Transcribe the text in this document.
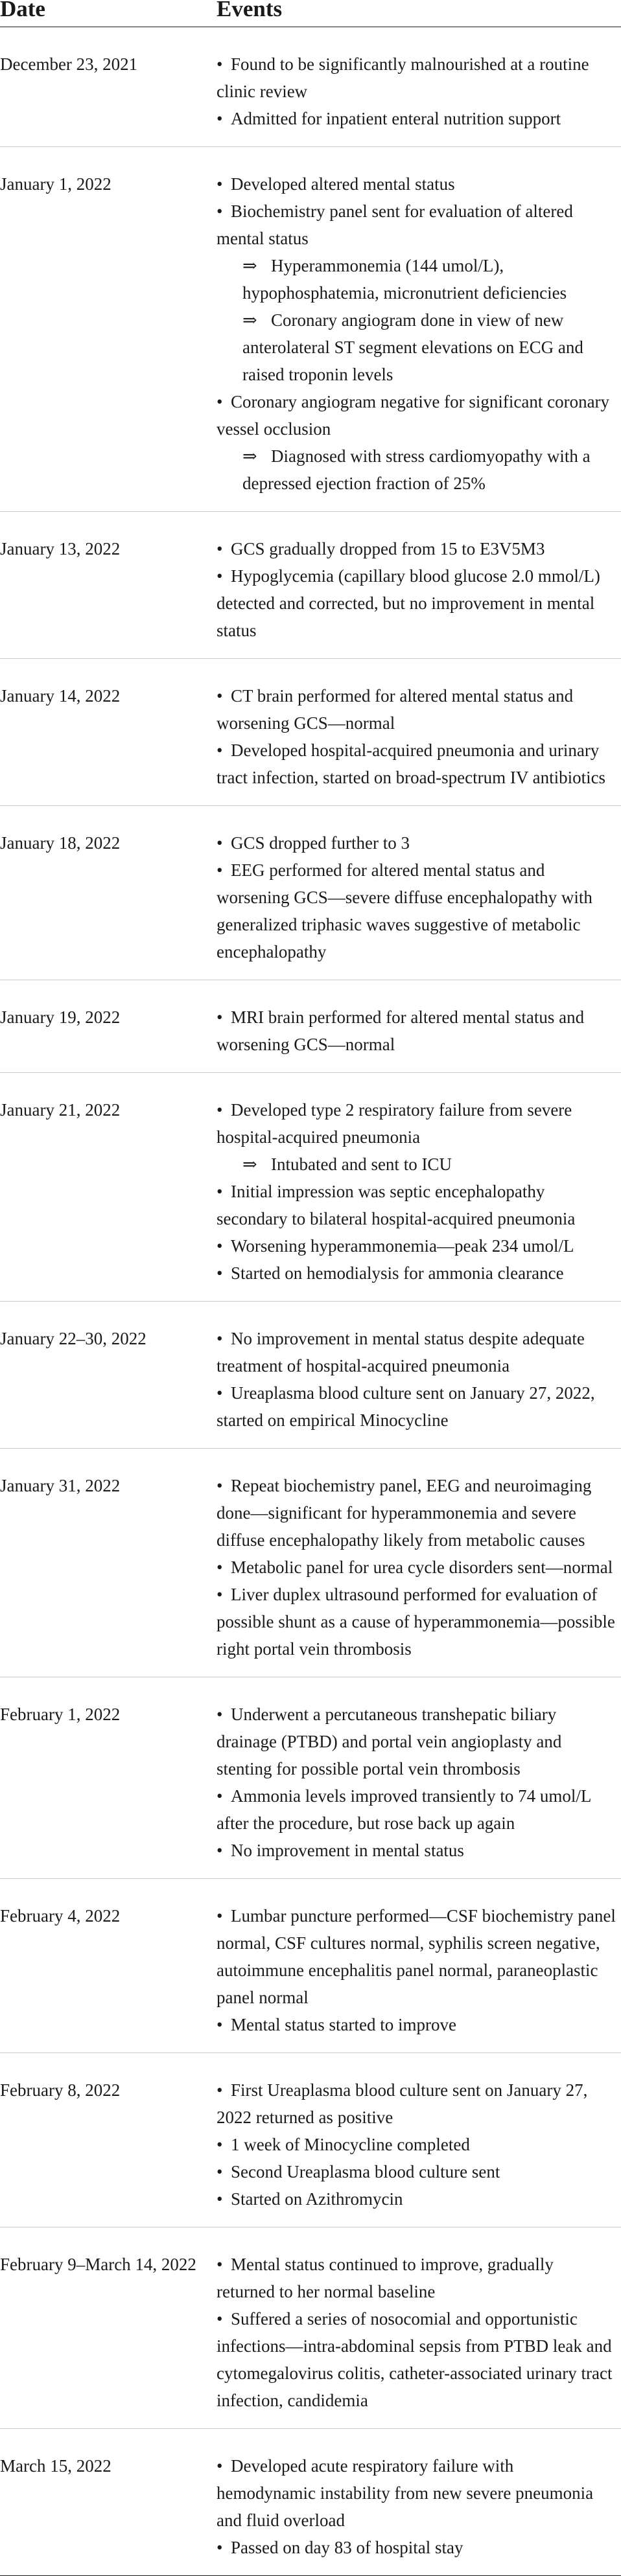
Date	Events
December 23, 2021	• Found to be significantly malnourished at a routine clinic review
• Admitted for inpatient enteral nutrition support
January 1, 2022	• Developed altered mental status
• Biochemistry panel sent for evaluation of altered mental status
⇒ Hyperammonemia (144 umol/L), hypophosphatemia, micronutrient deficiencies
⇒ Coronary angiogram done in view of new anterolateral ST segment elevations on ECG and raised troponin levels
• Coronary angiogram negative for significant coronary vessel occlusion
⇒ Diagnosed with stress cardiomyopathy with a depressed ejection fraction of 25%
January 13, 2022	• GCS gradually dropped from 15 to E3V5M3
• Hypoglycemia (capillary blood glucose 2.0 mmol/L) detected and corrected, but no improvement in mental status
January 14, 2022	• CT brain performed for altered mental status and worsening GCS—normal
• Developed hospital-acquired pneumonia and urinary tract infection, started on broad-spectrum IV antibiotics
January 18, 2022	• GCS dropped further to 3
• EEG performed for altered mental status and worsening GCS—severe diffuse encephalopathy with generalized triphasic waves suggestive of metabolic encephalopathy
January 19, 2022	• MRI brain performed for altered mental status and worsening GCS—normal
January 21, 2022	• Developed type 2 respiratory failure from severe hospital-acquired pneumonia
⇒ Intubated and sent to ICU
• Initial impression was septic encephalopathy secondary to bilateral hospital-acquired pneumonia
• Worsening hyperammonemia—peak 234 umol/L
• Started on hemodialysis for ammonia clearance
January 22–30, 2022	• No improvement in mental status despite adequate treatment of hospital-acquired pneumonia
• Ureaplasma blood culture sent on January 27, 2022, started on empirical Minocycline
January 31, 2022	• Repeat biochemistry panel, EEG and neuroimaging done—significant for hyperammonemia and severe diffuse encephalopathy likely from metabolic causes
• Metabolic panel for urea cycle disorders sent—normal
• Liver duplex ultrasound performed for evaluation of possible shunt as a cause of hyperammonemia—possible right portal vein thrombosis
February 1, 2022	• Underwent a percutaneous transhepatic biliary drainage (PTBD) and portal vein angioplasty and stenting for possible portal vein thrombosis
• Ammonia levels improved transiently to 74 umol/L after the procedure, but rose back up again
• No improvement in mental status
February 4, 2022	• Lumbar puncture performed—CSF biochemistry panel normal, CSF cultures normal, syphilis screen negative, autoimmune encephalitis panel normal, paraneoplastic panel normal
• Mental status started to improve
February 8, 2022	• First Ureaplasma blood culture sent on January 27, 2022 returned as positive
• 1 week of Minocycline completed
• Second Ureaplasma blood culture sent
• Started on Azithromycin
February 9–March 14, 2022	• Mental status continued to improve, gradually returned to her normal baseline
• Suffered a series of nosocomial and opportunistic infections—intra-abdominal sepsis from PTBD leak and cytomegalovirus colitis, catheter-associated urinary tract infection, candidemia
March 15, 2022	• Developed acute respiratory failure with hemodynamic instability from new severe pneumonia and fluid overload
• Passed on day 83 of hospital stay
